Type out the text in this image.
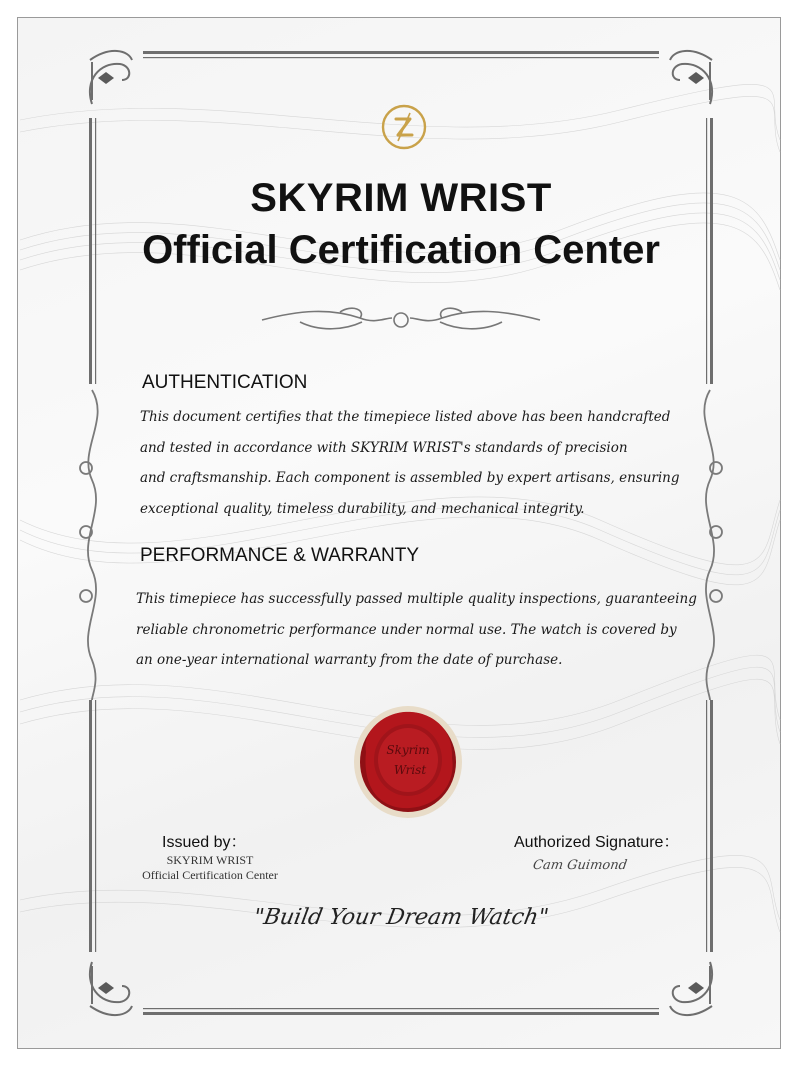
SKYRIM WRIST
Official Certification Center
AUTHENTICATION
This document certifies that the timepiece listed above has been handcrafted
and tested in accordance with SKYRIM WRIST's standards of precision
and craftsmanship. Each component is assembled by expert artisans, ensuring
exceptional quality, timeless durability, and mechanical integrity.
PERFORMANCE & WARRANTY
This timepiece has successfully passed multiple quality inspections, guaranteeing
reliable chronometric performance under normal use. The watch is covered by
an one-year international warranty from the date of purchase.
Skyrim
Wrist
Issued by：
SKYRIM WRIST
Official Certification Center
Authorized Signature：
Cam Guimond
"Build Your Dream Watch"
